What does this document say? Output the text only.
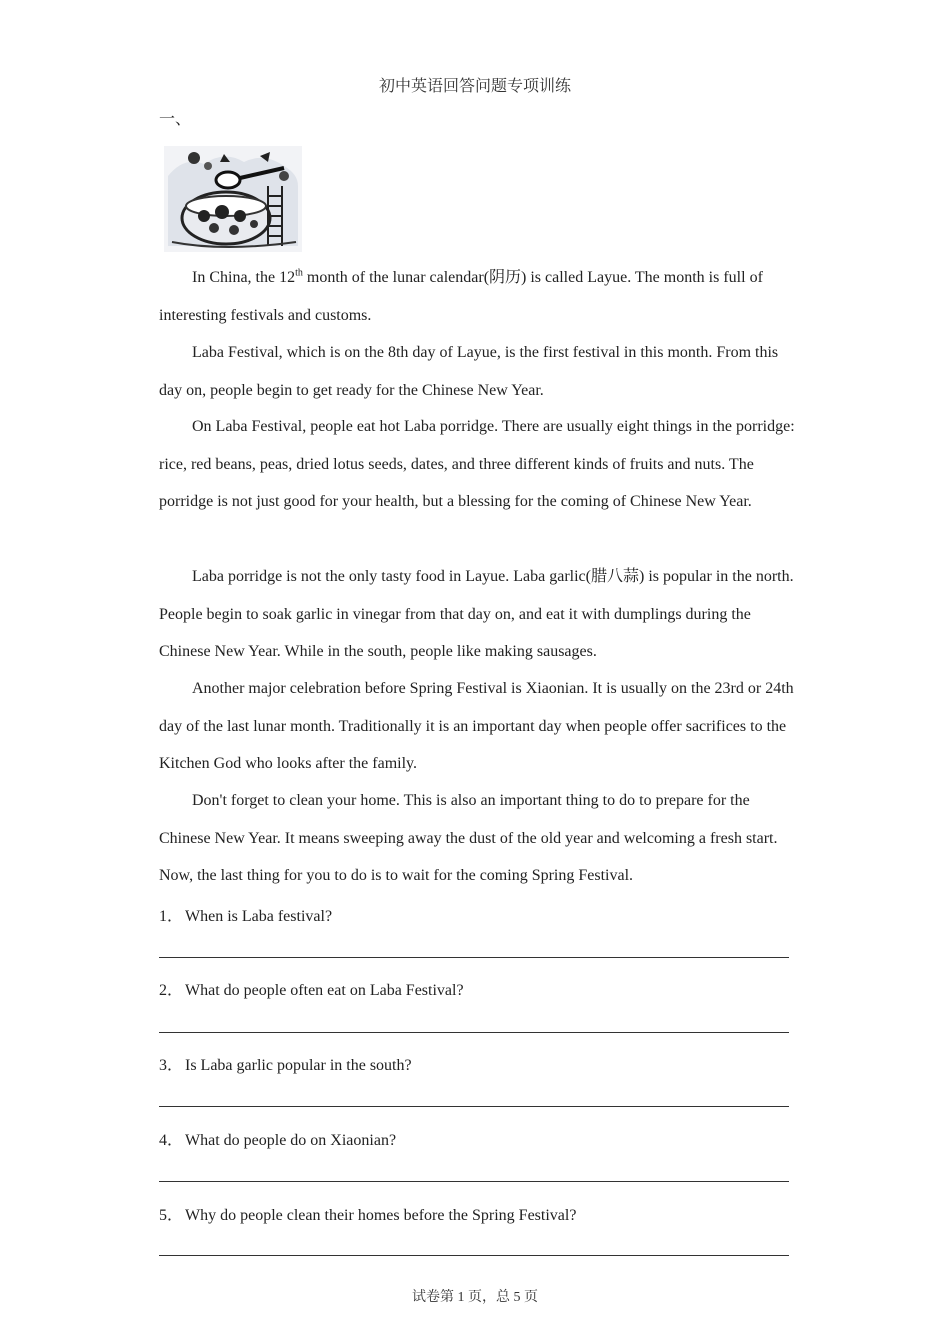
初中英语回答问题专项训练
一、

In China, the 12th month of the lunar calendar(阴历) is called Layue. The month is full of interesting festivals and customs.

Laba Festival, which is on the 8th day of Layue, is the first festival in this month. From this day on, people begin to get ready for the Chinese New Year.

On Laba Festival, people eat hot Laba porridge. There are usually eight things in the porridge: rice, red beans, peas, dried lotus seeds, dates, and three different kinds of fruits and nuts. The porridge is not just good for your health, but a blessing for the coming of Chinese New Year.

Laba porridge is not the only tasty food in Layue. Laba garlic(腊八蒜) is popular in the north. People begin to soak garlic in vinegar from that day on, and eat it with dumplings during the Chinese New Year. While in the south, people like making sausages.

Another major celebration before Spring Festival is Xiaonian. It is usually on the 23rd or 24th day of the last lunar month. Traditionally it is an important day when people offer sacrifices to the Kitchen God who looks after the family.

Don't forget to clean your home. This is also an important thing to do to prepare for the Chinese New Year. It means sweeping away the dust of the old year and welcoming a fresh start. Now, the last thing for you to do is to wait for the coming Spring Festival.

1． When is Laba festival?
2． What do people often eat on Laba Festival?
3． Is Laba garlic popular in the south?
4． What do people do on Xiaonian?
5． Why do people clean their homes before the Spring Festival?
试卷第 1 页，总 5 页
